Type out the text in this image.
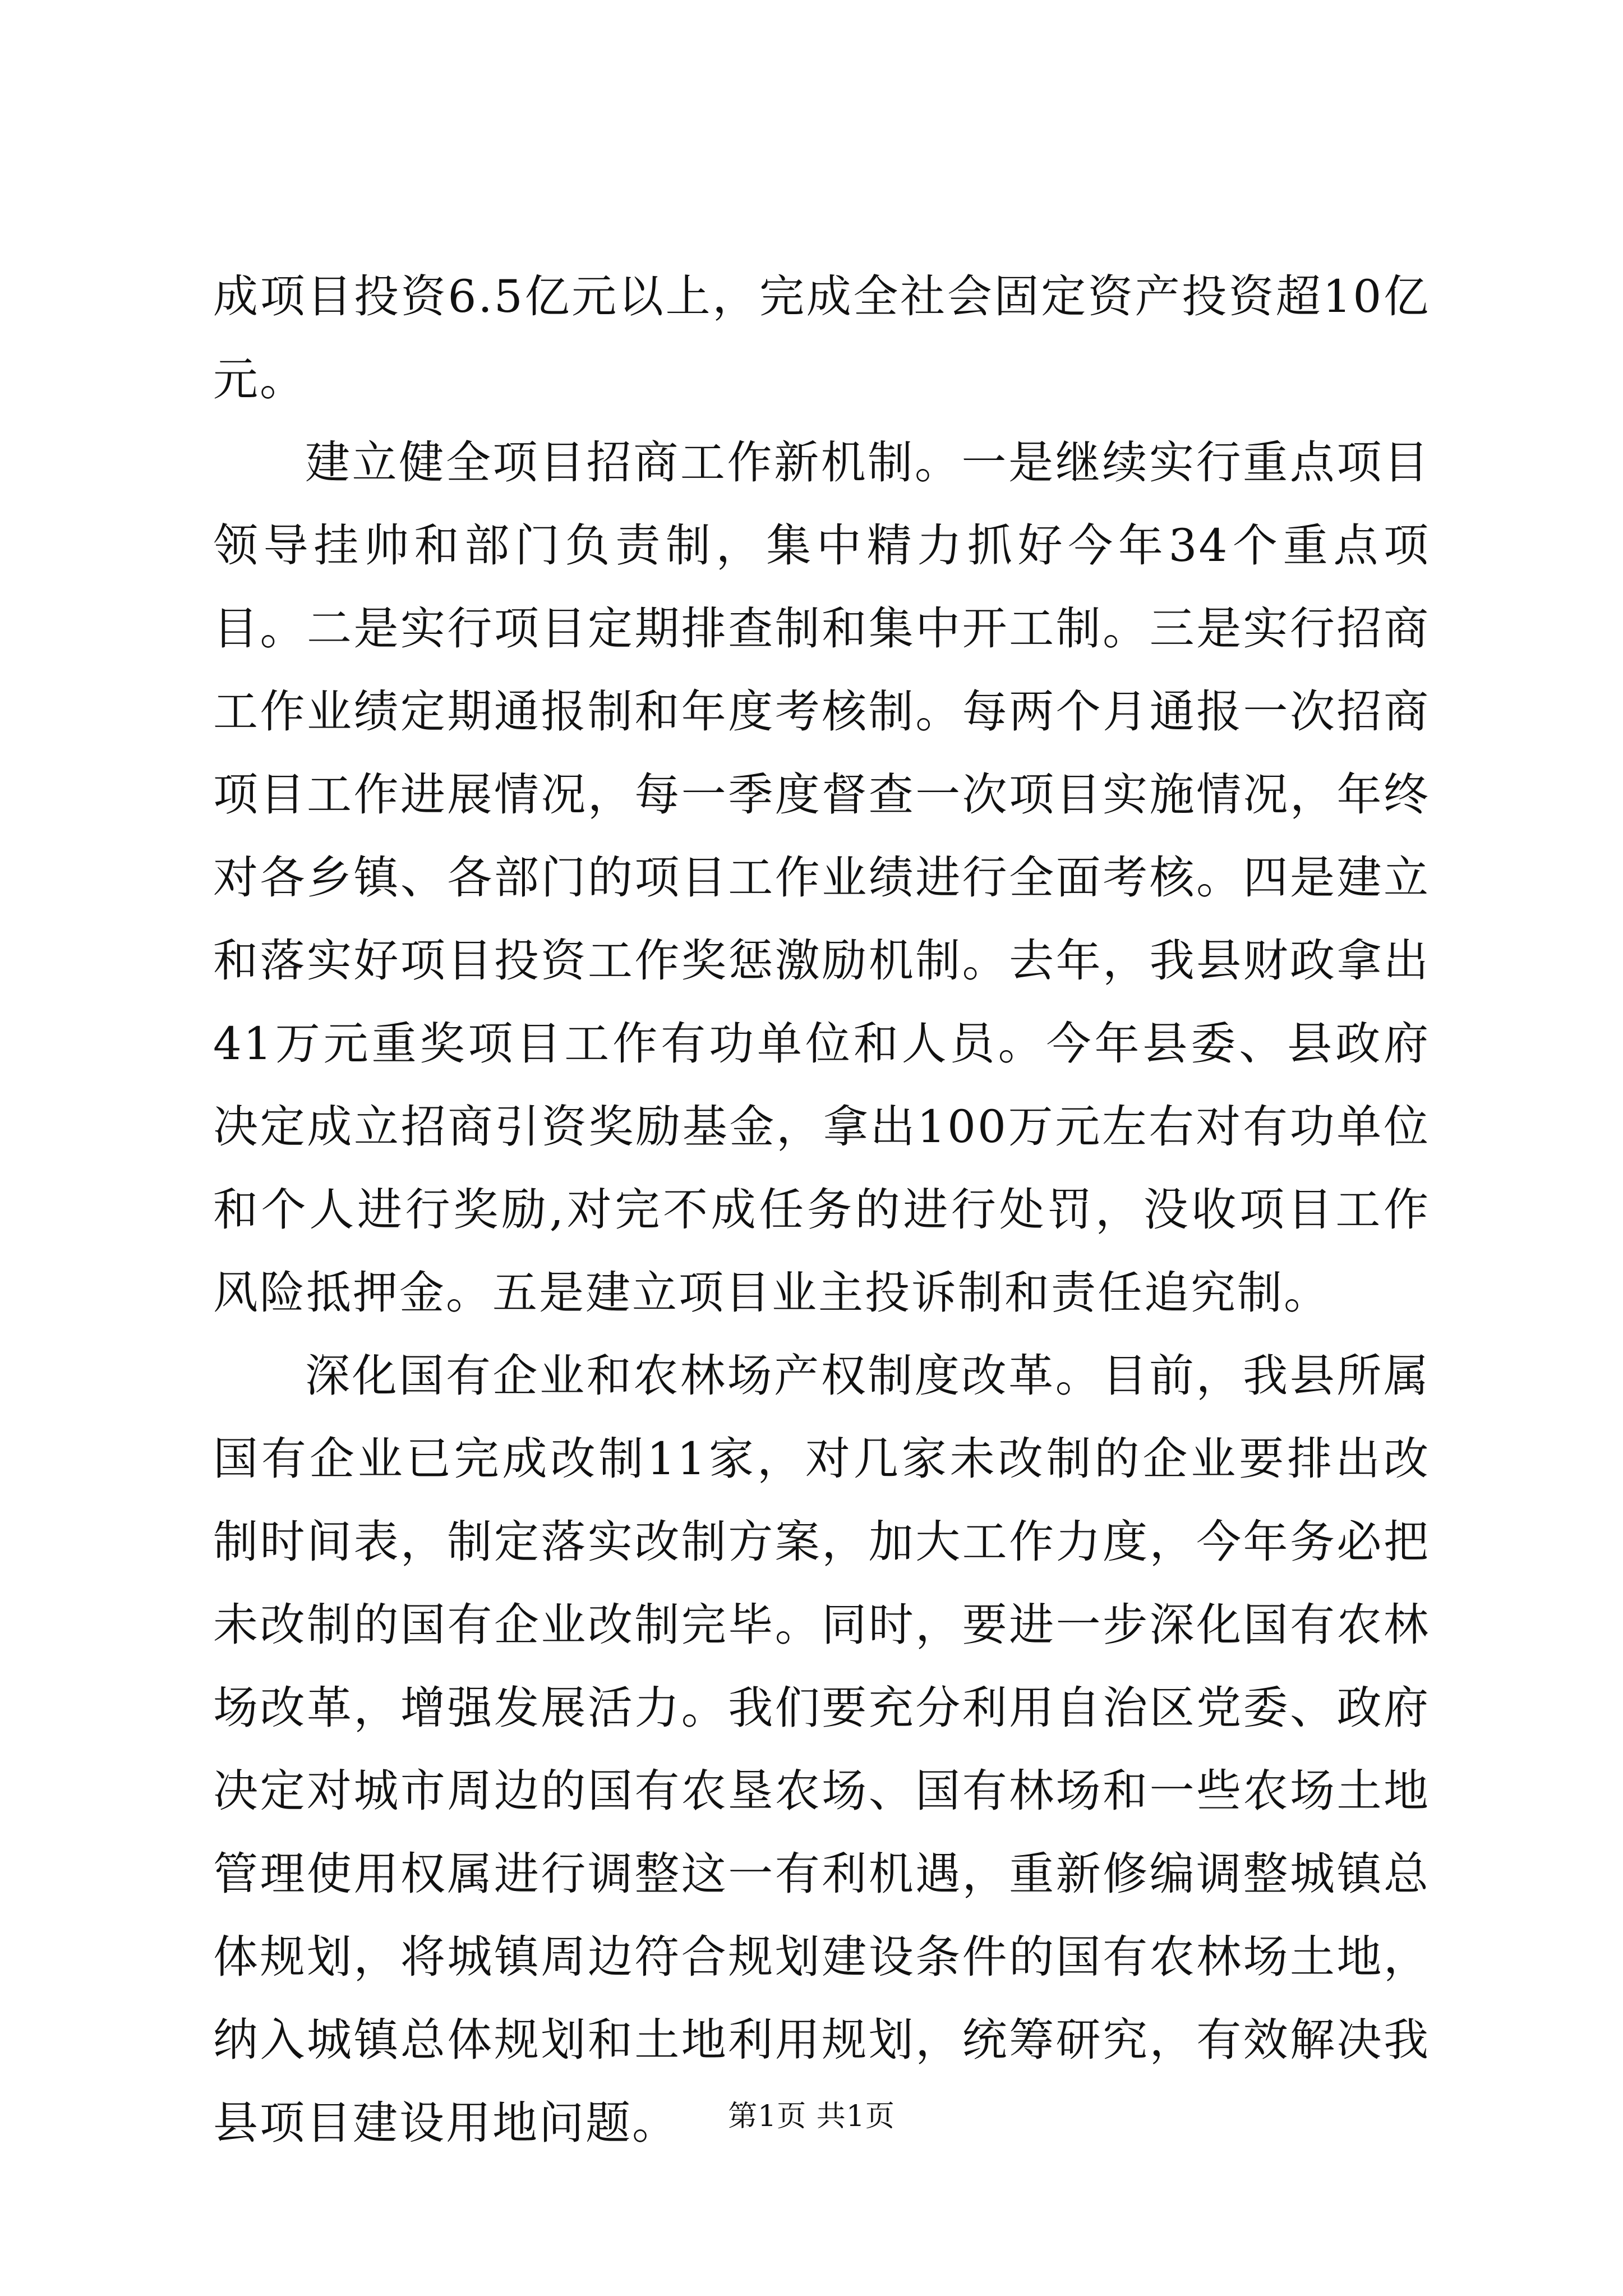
成项目投资6.5亿元以上，完成全社会固定资产投资超10亿元。

建立健全项目招商工作新机制。一是继续实行重点项目领导挂帅和部门负责制，集中精力抓好今年34个重点项目。二是实行项目定期排查制和集中开工制。三是实行招商工作业绩定期通报制和年度考核制。每两个月通报一次招商项目工作进展情况，每一季度督查一次项目实施情况，年终对各乡镇、各部门的项目工作业绩进行全面考核。四是建立和落实好项目投资工作奖惩激励机制。去年，我县财政拿出41万元重奖项目工作有功单位和人员。今年县委、县政府决定成立招商引资奖励基金，拿出100万元左右对有功单位和个人进行奖励,对完不成任务的进行处罚，没收项目工作风险抵押金。五是建立项目业主投诉制和责任追究制。

深化国有企业和农林场产权制度改革。目前，我县所属国有企业已完成改制11家，对几家未改制的企业要排出改制时间表，制定落实改制方案，加大工作力度，今年务必把未改制的国有企业改制完毕。同时，要进一步深化国有农林场改革，增强发展活力。我们要充分利用自治区党委、政府决定对城市周边的国有农垦农场、国有林场和一些农场土地管理使用权属进行调整这一有利机遇，重新修编调整城镇总体规划，将城镇周边符合规划建设条件的国有农林场土地，纳入城镇总体规划和土地利用规划，统筹研究，有效解决我县项目建设用地问题。	第1页 共1页
